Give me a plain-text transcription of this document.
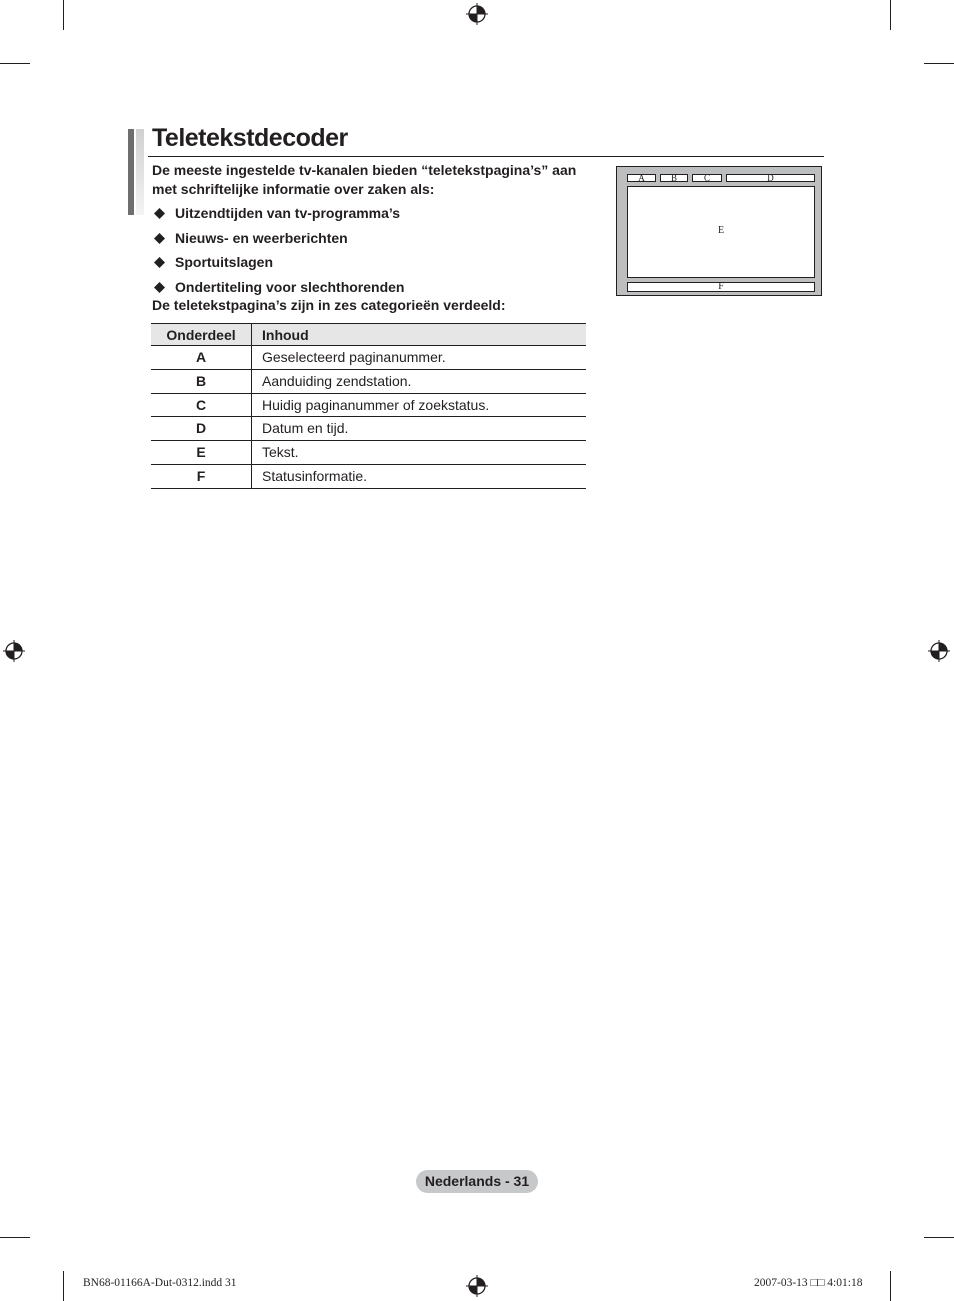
Teletekstdecoder

De meeste ingestelde tv-kanalen bieden “teletekstpagina’s” aan met schriftelijke informatie over zaken als:

Uitzendtijden van tv-programma’s
Nieuws- en weerberichten
Sportuitslagen
Ondertiteling voor slechthorenden

De teletekstpagina’s zijn in zes categorieën verdeeld:

Onderdeel	Inhoud
A	Geselecteerd paginanummer.
B	Aanduiding zendstation.
C	Huidig paginanummer of zoekstatus.
D	Datum en tijd.
E	Tekst.
F	Statusinformatie.
A	B	C	D
E
F
Nederlands - 31
BN68-01166A-Dut-0312.indd 31	2007-03-13 □□ 4:01:18
